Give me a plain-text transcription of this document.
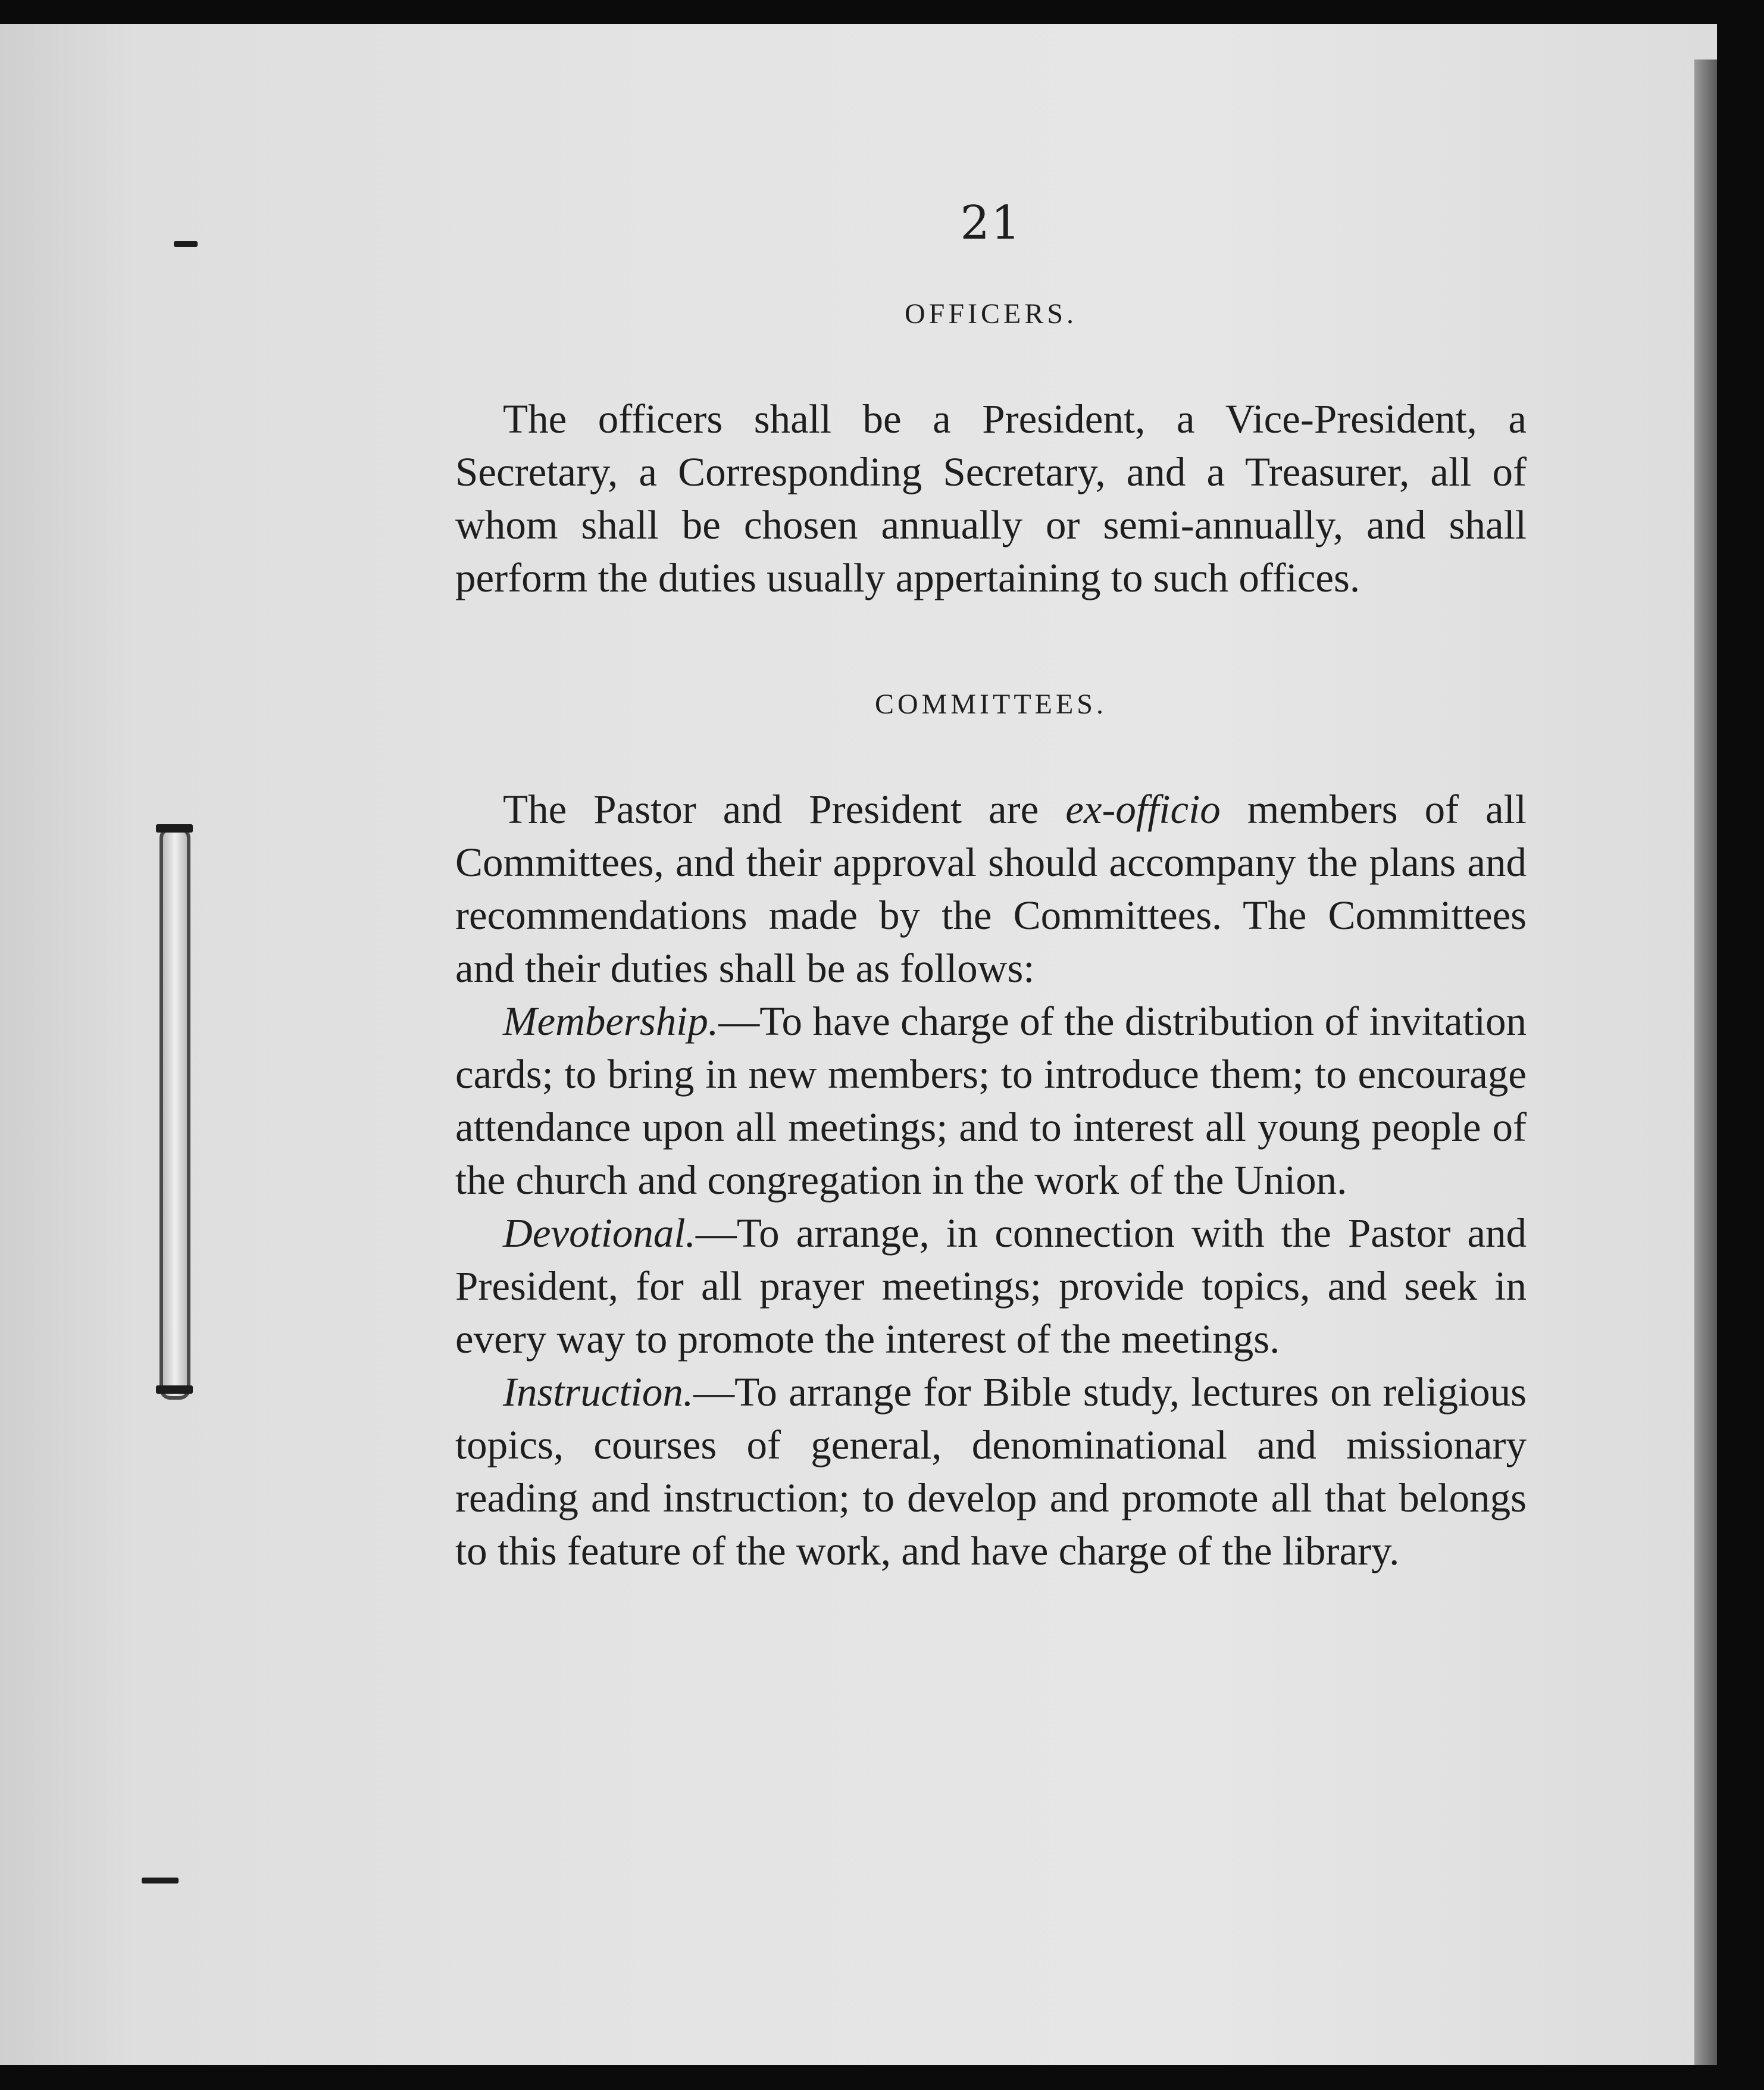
21
OFFICERS.

The officers shall be a President, a Vice-President, a Secretary, a Corresponding Secretary, and a Treasurer, all of whom shall be chosen annually or semi-annually, and shall perform the duties usually appertaining to such offices.

COMMITTEES.

The Pastor and President are ex-officio members of all Committees, and their approval should accompany the plans and recommendations made by the Committees. The Committees and their duties shall be as follows:

Membership.—To have charge of the distribution of invitation cards; to bring in new members; to introduce them; to encourage attendance upon all meetings; and to interest all young people of the church and congregation in the work of the Union.

Devotional.—To arrange, in connection with the Pastor and President, for all prayer meetings; provide topics, and seek in every way to promote the interest of the meetings.

Instruction.—To arrange for Bible study, lectures on religious topics, courses of general, denominational and missionary reading and instruction; to develop and promote all that belongs to this feature of the work, and have charge of the library.
